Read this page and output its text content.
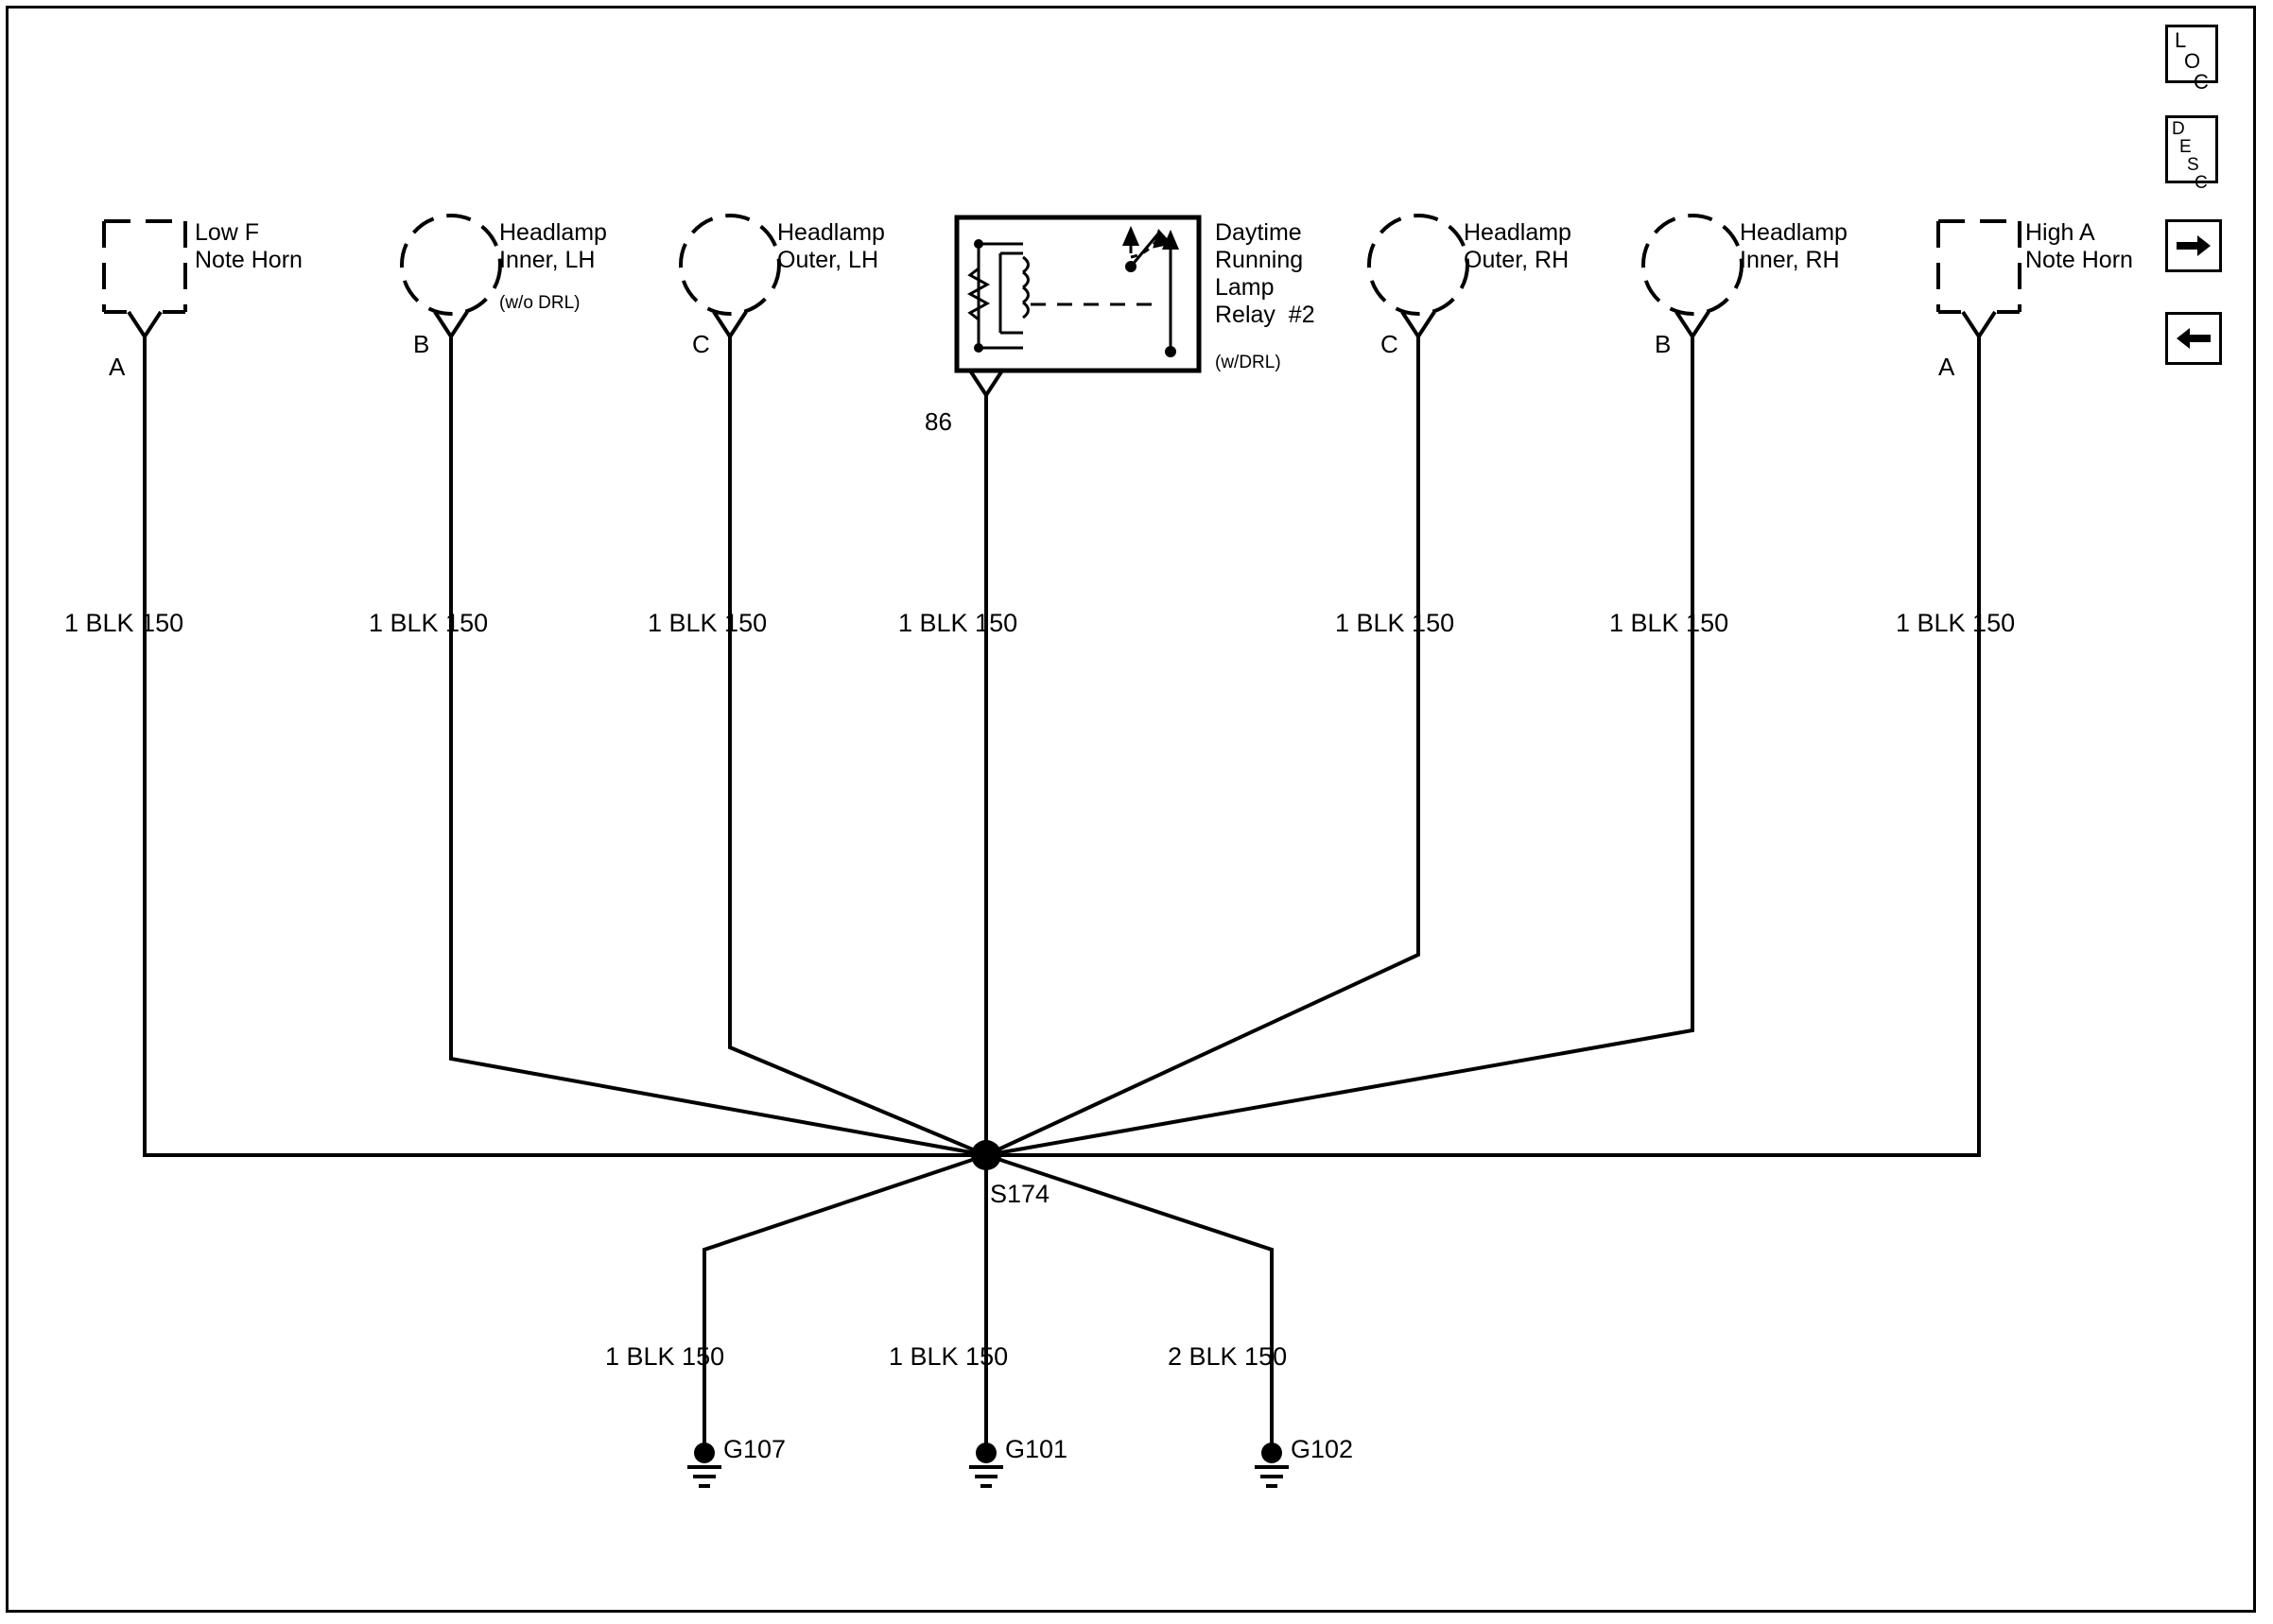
Low F
Note Horn
Headlamp
Inner, LH
(w/o DRL)
Headlamp
Outer, LH
Daytime
Running
Lamp
Relay  #2
(w/DRL)
Headlamp
Outer, RH
Headlamp
Inner, RH
High A
Note Horn
A
B	C
86
C	B
A
1 BLK 150	1 BLK 150	1 BLK 150	1 BLK 150	1 BLK 150	1 BLK 150	1 BLK 150
S174
1 BLK 150	1 BLK 150	2 BLK 150
G107	G101	G102
L
O
C
D
E
S
C
